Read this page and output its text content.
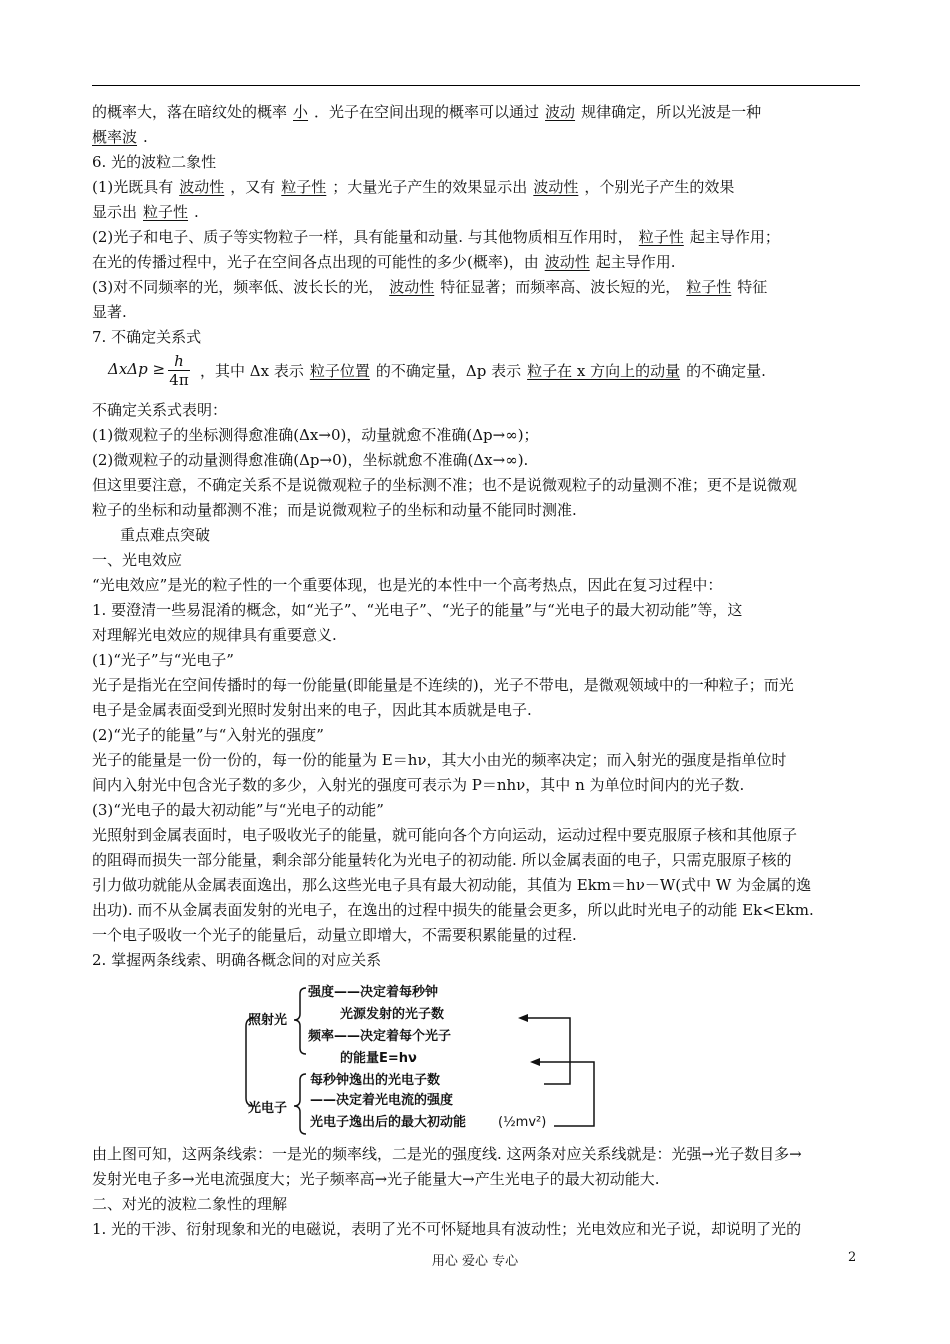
的概率大，落在暗纹处的概率 小 ．光子在空间出现的概率可以通过 波动 规律确定，所以光波是一种
概率波 .
6. 光的波粒二象性
(1)光既具有 波动性 ，又有 粒子性 ；大量光子产生的效果显示出 波动性 ，个别光子产生的效果
显示出 粒子性 .
(2)光子和电子、质子等实物粒子一样，具有能量和动量. 与其他物质相互作用时， 粒子性 起主导作用；
在光的传播过程中，光子在空间各点出现的可能性的多少(概率)，由 波动性 起主导作用.
(3)对不同频率的光，频率低、波长长的光， 波动性 特征显著；而频率高、波长短的光， 粒子性 特征
显著.
7. 不确定关系式
ΔxΔp ≥ h
4π ，其中 Δx 表示 粒子位置 的不确定量，Δp 表示 粒子在 x 方向上的动量 的不确定量.
不确定关系式表明：
(1)微观粒子的坐标测得愈准确(Δx→0)，动量就愈不准确(Δp→∞)；
(2)微观粒子的动量测得愈准确(Δp→0)，坐标就愈不准确(Δx→∞).
但这里要注意，不确定关系不是说微观粒子的坐标测不准；也不是说微观粒子的动量测不准；更不是说微观
粒子的坐标和动量都测不准；而是说微观粒子的坐标和动量不能同时测准.
重点难点突破
一、光电效应
“光电效应”是光的粒子性的一个重要体现，也是光的本性中一个高考热点，因此在复习过程中：
1. 要澄清一些易混淆的概念，如“光子”、“光电子”、“光子的能量”与“光电子的最大初动能”等，这
对理解光电效应的规律具有重要意义.
(1)“光子”与“光电子”
光子是指光在空间传播时的每一份能量(即能量是不连续的)，光子不带电，是微观领域中的一种粒子；而光
电子是金属表面受到光照时发射出来的电子，因此其本质就是电子.
(2)“光子的能量”与“入射光的强度”
光子的能量是一份一份的，每一份的能量为 E＝hν，其大小由光的频率决定；而入射光的强度是指单位时
间内入射光中包含光子数的多少，入射光的强度可表示为 P＝nhν，其中 n 为单位时间内的光子数.
(3)“光电子的最大初动能”与“光电子的动能”
光照射到金属表面时，电子吸收光子的能量，就可能向各个方向运动，运动过程中要克服原子核和其他原子
的阻碍而损失一部分能量，剩余部分能量转化为光电子的初动能. 所以金属表面的电子，只需克服原子核的
引力做功就能从金属表面逸出，那么这些光电子具有最大初动能，其值为 Ekm＝hν－W(式中 W 为金属的逸
出功). 而不从金属表面发射的光电子，在逸出的过程中损失的能量会更多，所以此时光电子的动能 Ek<Ekm.
一个电子吸收一个光子的能量后，动量立即增大，不需要积累能量的过程.
2. 掌握两条线索、明确各概念间的对应关系
照射光
光电子
强度——决定着每秒钟
光源发射的光子数
频率——决定着每个光子
的能量E=hν
每秒钟逸出的光电子数
——决定着光电流的强度
光电子逸出后的最大初动能 (½mv²)
由上图可知，这两条线索：一是光的频率线，二是光的强度线. 这两条对应关系线就是：光强→光子数目多→
发射光电子多→光电流强度大；光子频率高→光子能量大→产生光电子的最大初动能大.
二、对光的波粒二象性的理解
1. 光的干涉、衍射现象和光的电磁说，表明了光不可怀疑地具有波动性；光电效应和光子说，却说明了光的
用心 爱心 专心	2
